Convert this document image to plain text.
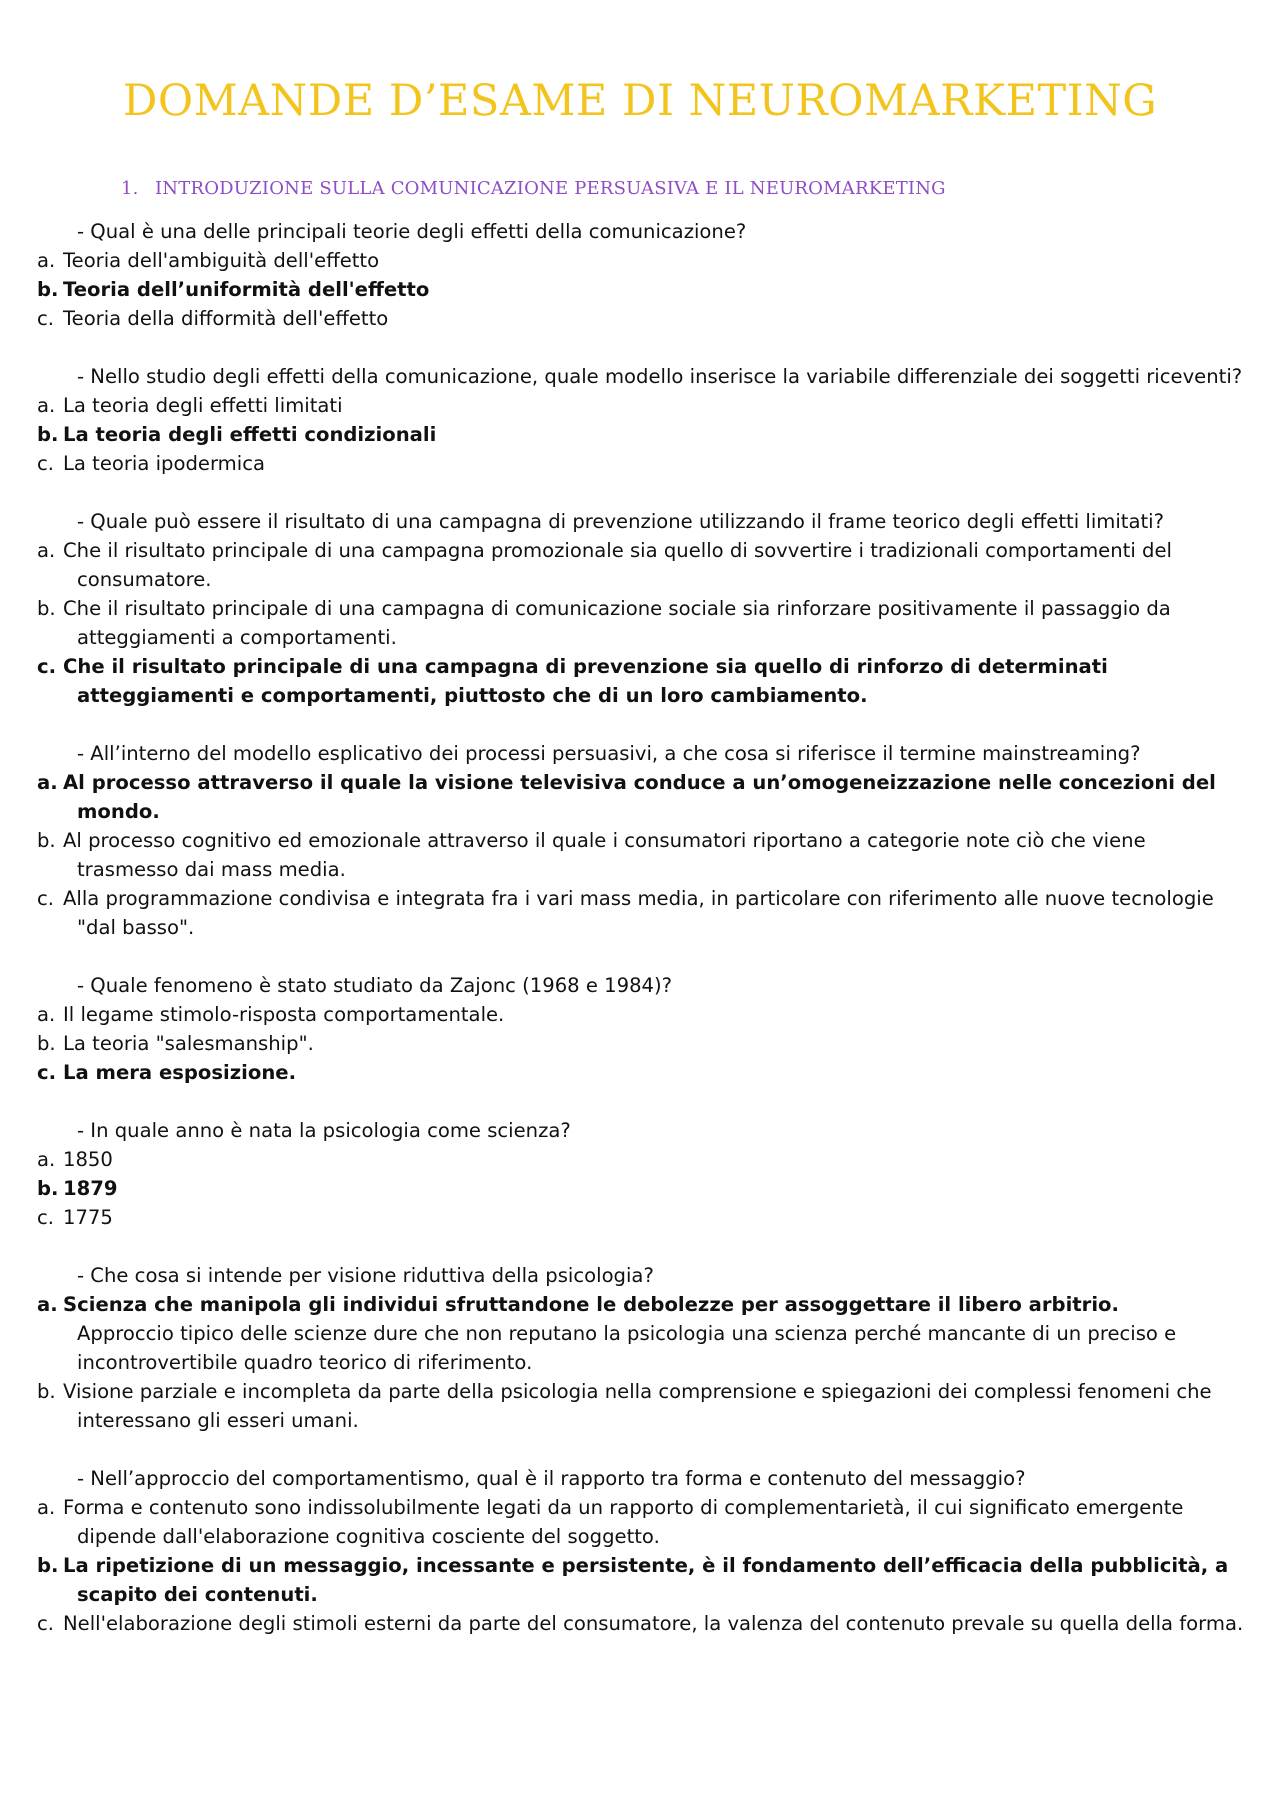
DOMANDE D’ESAME DI NEUROMARKETING
1. INTRODUZIONE SULLA COMUNICAZIONE PERSUASIVA E IL NEUROMARKETING

- Qual è una delle principali teorie degli effetti della comunicazione?

a. Teoria dell'ambiguità dell'effetto

b. Teoria dell’uniformità dell'effetto

c. Teoria della difformità dell'effetto

- Nello studio degli effetti della comunicazione, quale modello inserisce la variabile differenziale dei soggetti riceventi?

a. La teoria degli effetti limitati

b. La teoria degli effetti condizionali

c. La teoria ipodermica

- Quale può essere il risultato di una campagna di prevenzione utilizzando il frame teorico degli effetti limitati?

a. Che il risultato principale di una campagna promozionale sia quello di sovvertire i tradizionali comportamenti del consumatore.

b. Che il risultato principale di una campagna di comunicazione sociale sia rinforzare positivamente il passaggio da atteggiamenti a comportamenti.

c. Che il risultato principale di una campagna di prevenzione sia quello di rinforzo di determinati atteggiamenti e comportamenti, piuttosto che di un loro cambiamento.

- All’interno del modello esplicativo dei processi persuasivi, a che cosa si riferisce il termine mainstreaming?

a. Al processo attraverso il quale la visione televisiva conduce a un’omogeneizzazione nelle concezioni del mondo.

b. Al processo cognitivo ed emozionale attraverso il quale i consumatori riportano a categorie note ciò che viene trasmesso dai mass media.

c. Alla programmazione condivisa e integrata fra i vari mass media, in particolare con riferimento alle nuove tecnologie "dal basso".

- Quale fenomeno è stato studiato da Zajonc (1968 e 1984)?

a. Il legame stimolo-risposta comportamentale.

b. La teoria "salesmanship".

c. La mera esposizione.

- In quale anno è nata la psicologia come scienza?

a. 1850

b. 1879

c. 1775

- Che cosa si intende per visione riduttiva della psicologia?

a. Scienza che manipola gli individui sfruttandone le debolezze per assoggettare il libero arbitrio.

Approccio tipico delle scienze dure che non reputano la psicologia una scienza perché mancante di un preciso e incontrovertibile quadro teorico di riferimento.

b. Visione parziale e incompleta da parte della psicologia nella comprensione e spiegazioni dei complessi fenomeni che interessano gli esseri umani.

- Nell’approccio del comportamentismo, qual è il rapporto tra forma e contenuto del messaggio?

a. Forma e contenuto sono indissolubilmente legati da un rapporto di complementarietà, il cui significato emergente dipende dall'elaborazione cognitiva cosciente del soggetto.

b. La ripetizione di un messaggio, incessante e persistente, è il fondamento dell’efficacia della pubblicità, a scapito dei contenuti.

c. Nell'elaborazione degli stimoli esterni da parte del consumatore, la valenza del contenuto prevale su quella della forma.
